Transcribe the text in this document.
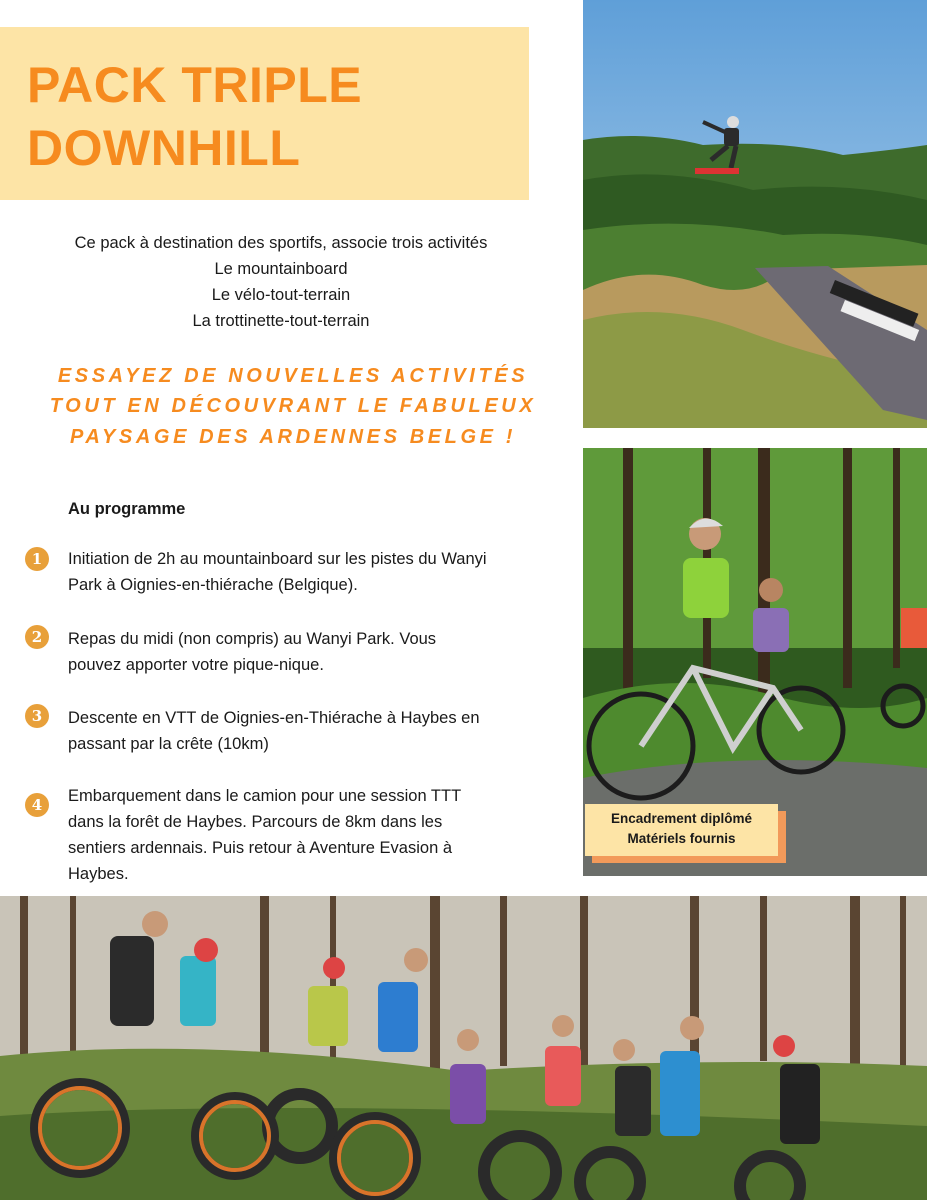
PACK TRIPLE
DOWNHILL
Ce pack à destination des sportifs, associe trois activités
Le mountainboard
Le vélo-tout-terrain
La trottinette-tout-terrain
ESSAYEZ DE NOUVELLES ACTIVITÉS
TOUT EN DÉCOUVRANT LE FABULEUX
PAYSAGE DES ARDENNES BELGE !
Au programme
1	Initiation de 2h au mountainboard sur les pistes du Wanyi
Park à Oignies-en-thiérache (Belgique).
2	Repas du midi (non compris) au Wanyi Park. Vous
pouvez apporter votre pique-nique.
3	Descente en VTT de Oignies-en-Thiérache à Haybes en
passant par la crête (10km)
4	Embarquement dans le camion pour une session TTT
dans la forêt de Haybes. Parcours de 8km dans les
sentiers ardennais. Puis retour à Aventure Evasion à
Haybes.
Encadrement diplômé
Matériels fournis
